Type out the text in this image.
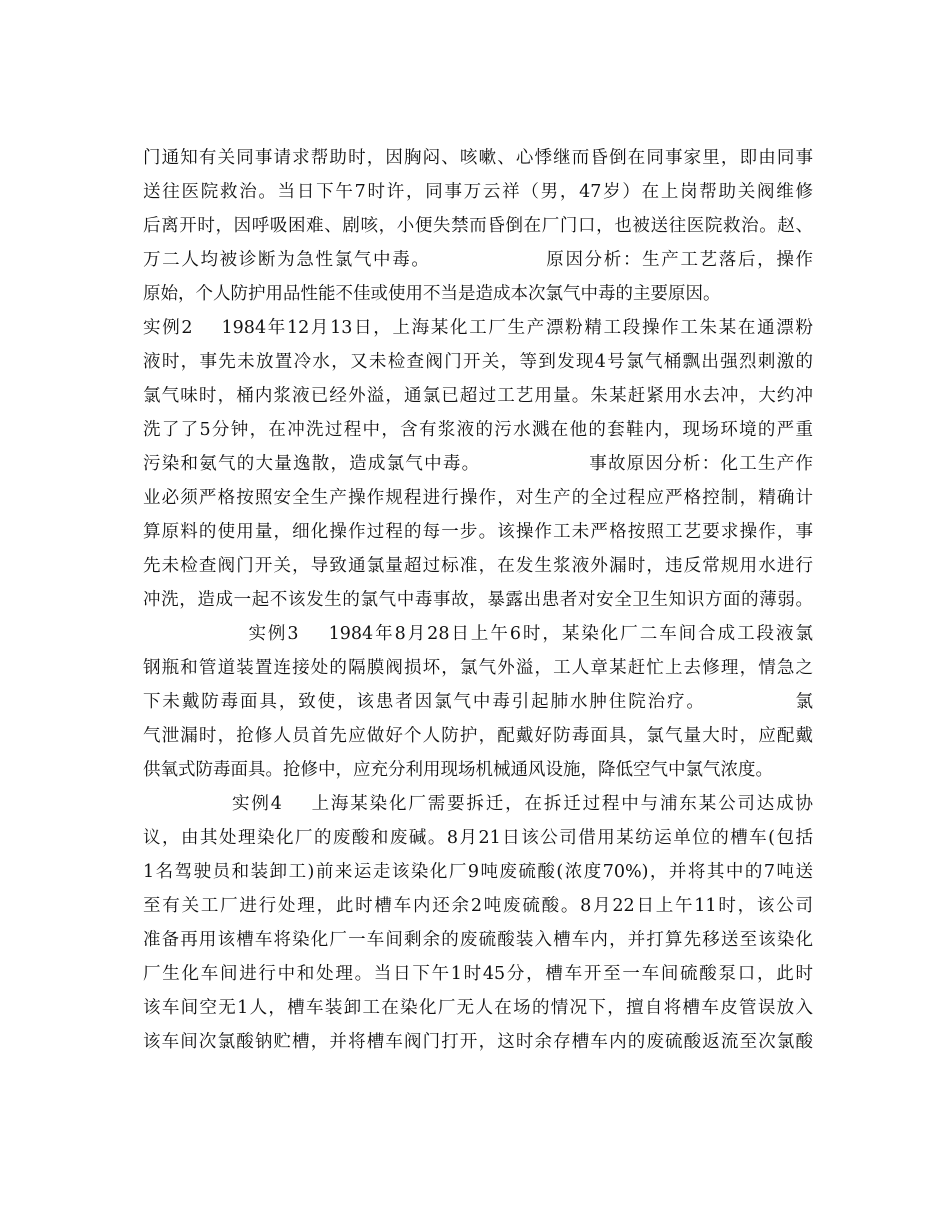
门通知有关同事请求帮助时，因胸闷、咳嗽、心悸继而昏倒在同事家里，即由同事
送往医院救治。当日下午7时许，同事万云祥（男，47岁）在上岗帮助关阀维修
后离开时，因呼吸困难、剧咳，小便失禁而昏倒在厂门口，也被送往医院救治。赵、
万二人均被诊断为急性氯气中毒。                原因分析：生产工艺落后，操作
原始，个人防护用品性能不佳或使用不当是造成本次氯气中毒的主要原因。
实例2    1984年12月13日，上海某化工厂生产漂粉精工段操作工朱某在通漂粉
液时，事先未放置冷水，又未检查阀门开关，等到发现4号氯气桶飘出强烈刺激的
氯气味时，桶内浆液已经外溢，通氯已超过工艺用量。朱某赶紧用水去冲，大约冲
洗了了5分钟，在冲洗过程中，含有浆液的污水溅在他的套鞋内，现场环境的严重
污染和氨气的大量逸散，造成氯气中毒。                事故原因分析：化工生产作
业必须严格按照安全生产操作规程进行操作，对生产的全过程应严格控制，精确计
算原料的使用量，细化操作过程的每一步。该操作工未严格按照工艺要求操作，事
先未检查阀门开关，导致通氯量超过标准，在发生浆液外漏时，违反常规用水进行
冲洗，造成一起不该发生的氯气中毒事故，暴露出患者对安全卫生知识方面的薄弱。
实例3    1984年8月28日上午6时，某染化厂二车间合成工段液氯
钢瓶和管道装置连接处的隔膜阀损坏，氯气外溢，工人章某赶忙上去修理，情急之
下未戴防毒面具，致使，该患者因氯气中毒引起肺水肿住院治疗。            氯
气泄漏时，抢修人员首先应做好个人防护，配戴好防毒面具，氯气量大时，应配戴
供氧式防毒面具。抢修中，应充分利用现场机械通风设施，降低空气中氯气浓度。
实例4    上海某染化厂需要拆迁，在拆迁过程中与浦东某公司达成协
议，由其处理染化厂的废酸和废碱。8月21日该公司借用某纺运单位的槽车(包括
1名驾驶员和装卸工)前来运走该染化厂9吨废硫酸(浓度70%)，并将其中的7吨送
至有关工厂进行处理，此时槽车内还余2吨废硫酸。8月22日上午11时，该公司
准备再用该槽车将染化厂一车间剩余的废硫酸装入槽车内，并打算先移送至该染化
厂生化车间进行中和处理。当日下午1时45分，槽车开至一车间硫酸泵口，此时
该车间空无1人，槽车装卸工在染化厂无人在场的情况下，擅自将槽车皮管误放入
该车间次氯酸钠贮槽，并将槽车阀门打开，这时余存槽车内的废硫酸返流至次氯酸
